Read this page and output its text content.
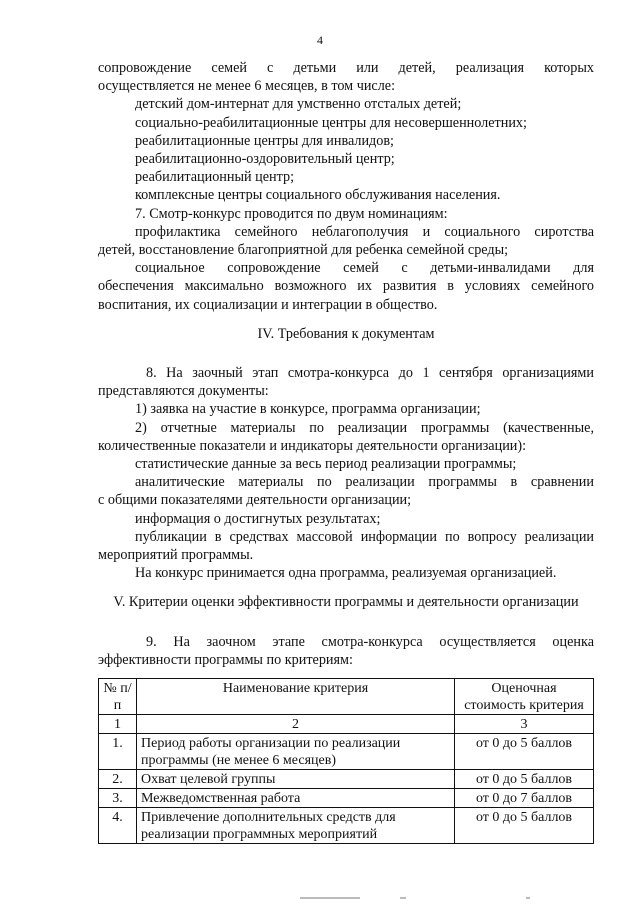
4

сопровождение семей с детьми или детей, реализация которых

осуществляется не менее 6 месяцев, в том числе:

детский дом-интернат для умственно отсталых детей;

социально-реабилитационные центры для несовершеннолетних;

реабилитационные центры для инвалидов;

реабилитационно-оздоровительный центр;

реабилитационный центр;

комплексные центры социального обслуживания населения.

7. Смотр-конкурс проводится по двум номинациям:

профилактика семейного неблагополучия и социального сиротства

детей, восстановление благоприятной для ребенка семейной среды;

социальное сопровождение семей с детьми-инвалидами для

обеспечения максимально возможного их развития в условиях семейного

воспитания, их социализации и интеграции в общество.

IV. Требования к документам

8. На заочный этап смотра-конкурса до 1 сентября организациями

представляются документы:

1) заявка на участие в конкурсе, программа организации;

2) отчетные материалы по реализации программы (качественные,

количественные показатели и индикаторы деятельности организации):

статистические данные за весь период реализации программы;

аналитические материалы по реализации программы в сравнении

с общими показателями деятельности организации;

информация о достигнутых результатах;

публикации в средствах массовой информации по вопросу реализации

мероприятий программы.

На конкурс принимается одна программа, реализуемая организацией.

V. Критерии оценки эффективности программы и деятельности организации

9. На заочном этапе смотра-конкурса осуществляется оценка

эффективности программы по критериям:

№ п/п	Наименование критерия	Оценочная стоимость критерия
1	2	3
1.	Период работы организации по реализации программы (не менее 6 месяцев)	от 0 до 5 баллов
2.	Охват целевой группы	от 0 до 5 баллов
3.	Межведомственная работа	от 0 до 7 баллов
4.	Привлечение дополнительных средств для реализации программных мероприятий	от 0 до 5 баллов
